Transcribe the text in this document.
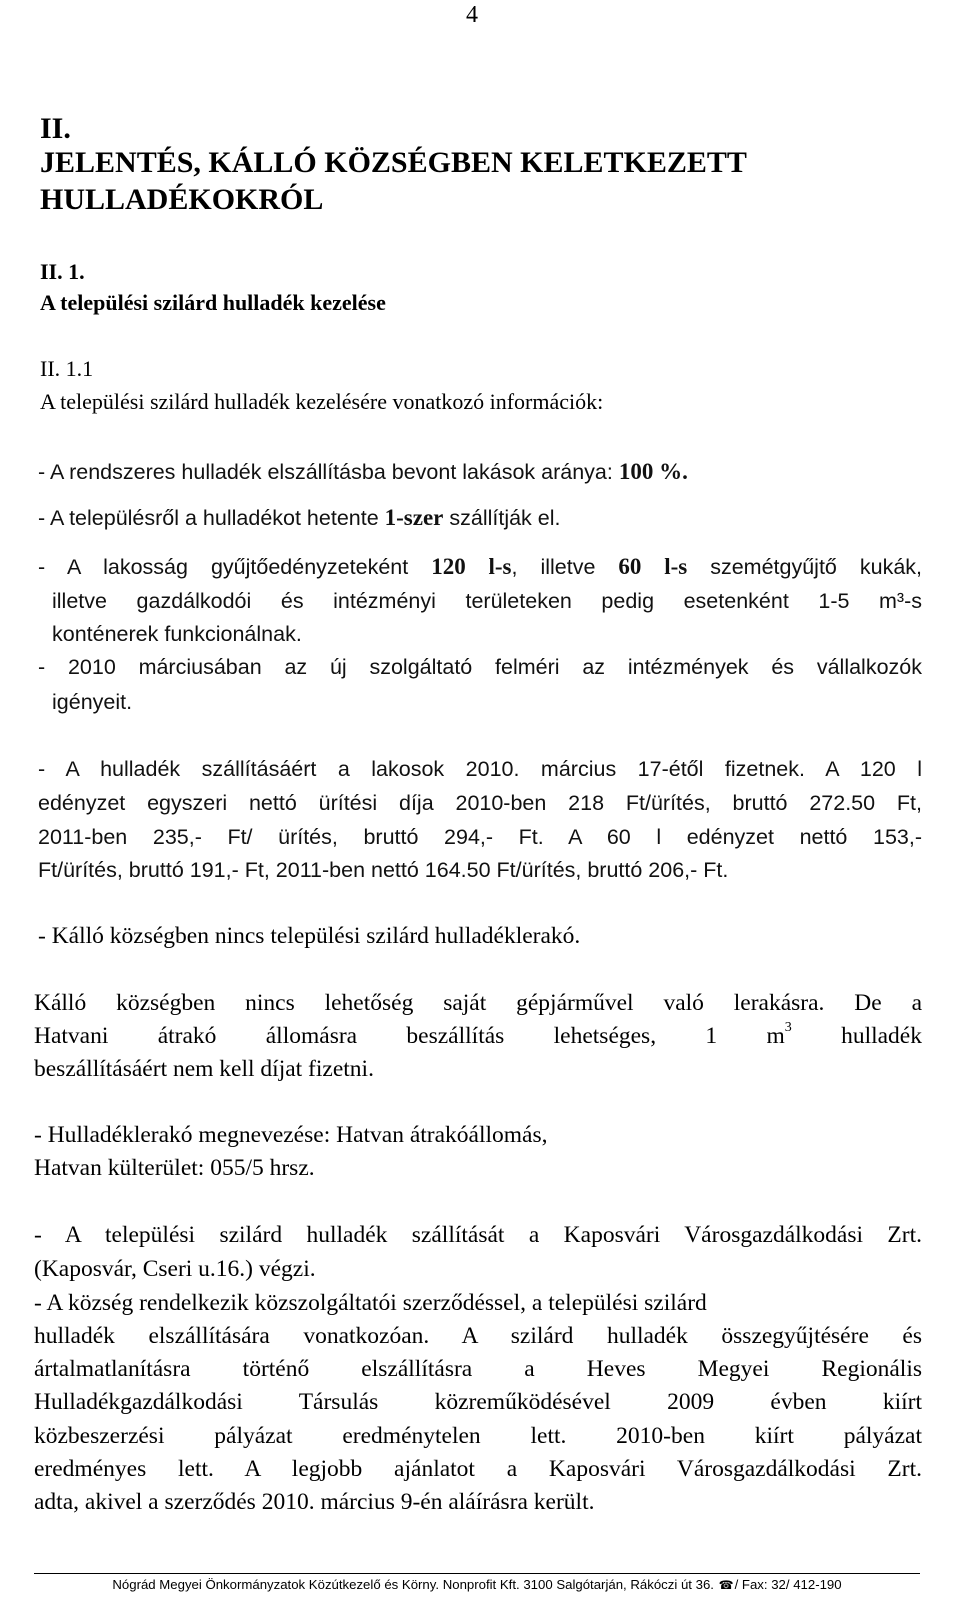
4
II.
JELENTÉS, KÁLLÓ KÖZSÉGBEN KELETKEZETT
HULLADÉKOKRÓL
II. 1.
A települési szilárd hulladék kezelése
II. 1.1
A települési szilárd hulladék kezelésére vonatkozó információk:
- A rendszeres hulladék elszállításba bevont lakások aránya: 100 %.
- A településről a hulladékot hetente 1-szer szállítják el.
- A lakosság gyűjtőedényzeteként 120 l-s, illetve 60 l-s szemétgyűjtő kukák,
illetve gazdálkodói és intézményi területeken pedig esetenként 1-5 m³-s
konténerek funkcionálnak.
- 2010 márciusában az új szolgáltató felméri az intézmények és vállalkozók
igényeit.
- A hulladék szállításáért a lakosok 2010. március 17-étől fizetnek. A 120 l
edényzet egyszeri nettó ürítési díja 2010-ben 218 Ft/ürítés, bruttó 272.50 Ft,
2011-ben 235,- Ft/ ürítés, bruttó 294,- Ft. A 60 l edényzet nettó 153,-
Ft/ürítés, bruttó 191,- Ft, 2011-ben nettó 164.50 Ft/ürítés, bruttó 206,- Ft.
- Kálló községben nincs települési szilárd hulladéklerakó.
Kálló községben nincs lehetőség saját gépjárművel való lerakásra. De a
Hatvani átrakó állomásra beszállítás lehetséges, 1 $m^3$ hulladék
beszállításáért nem kell díjat fizetni.
- Hulladéklerakó megnevezése: Hatvan átrakóállomás,
Hatvan külterület: 055/5 hrsz.
- A települési szilárd hulladék szállítását a Kaposvári Városgazdálkodási Zrt.
(Kaposvár, Cseri u.16.) végzi.
- A község rendelkezik közszolgáltatói szerződéssel, a települési szilárd
hulladék elszállítására vonatkozóan. A szilárd hulladék összegyűjtésére és
ártalmatlanításra történő elszállításra a Heves Megyei Regionális
Hulladékgazdálkodási Társulás közreműködésével 2009 évben kiírt
közbeszerzési pályázat eredménytelen lett. 2010-ben kiírt pályázat
eredményes lett. A legjobb ajánlatot a Kaposvári Városgazdálkodási Zrt.
adta, akivel a szerződés 2010. március 9-én aláírásra került.
Nógrád Megyei Önkormányzatok Közútkezelő és Körny. Nonprofit Kft. 3100 Salgótarján, Rákóczi út 36. ☎/ Fax: 32/ 412-190
